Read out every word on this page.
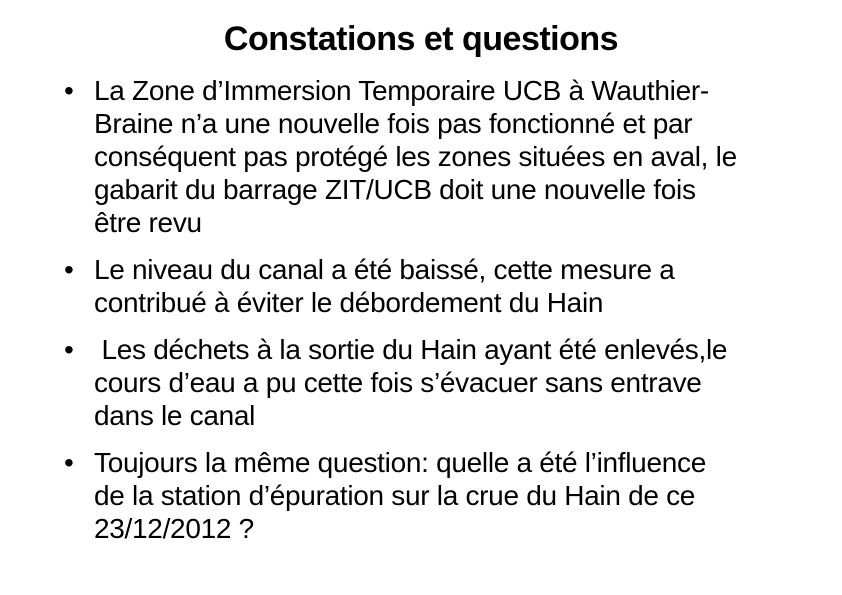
Constations et questions
• La Zone d’Immersion Temporaire UCB à Wauthier-
Braine n’a une nouvelle fois pas fonctionné et par
conséquent pas protégé les zones situées en aval, le
gabarit du barrage ZIT/UCB doit une nouvelle fois
être revu
• Le niveau du canal a été baissé, cette mesure a
contribué à éviter le débordement du Hain
• Les déchets à la sortie du Hain ayant été enlevés,le
cours d’eau a pu cette fois s’évacuer sans entrave
dans le canal
• Toujours la même question: quelle a été l’influence
de la station d’épuration sur la crue du Hain de ce
23/12/2012 ?
